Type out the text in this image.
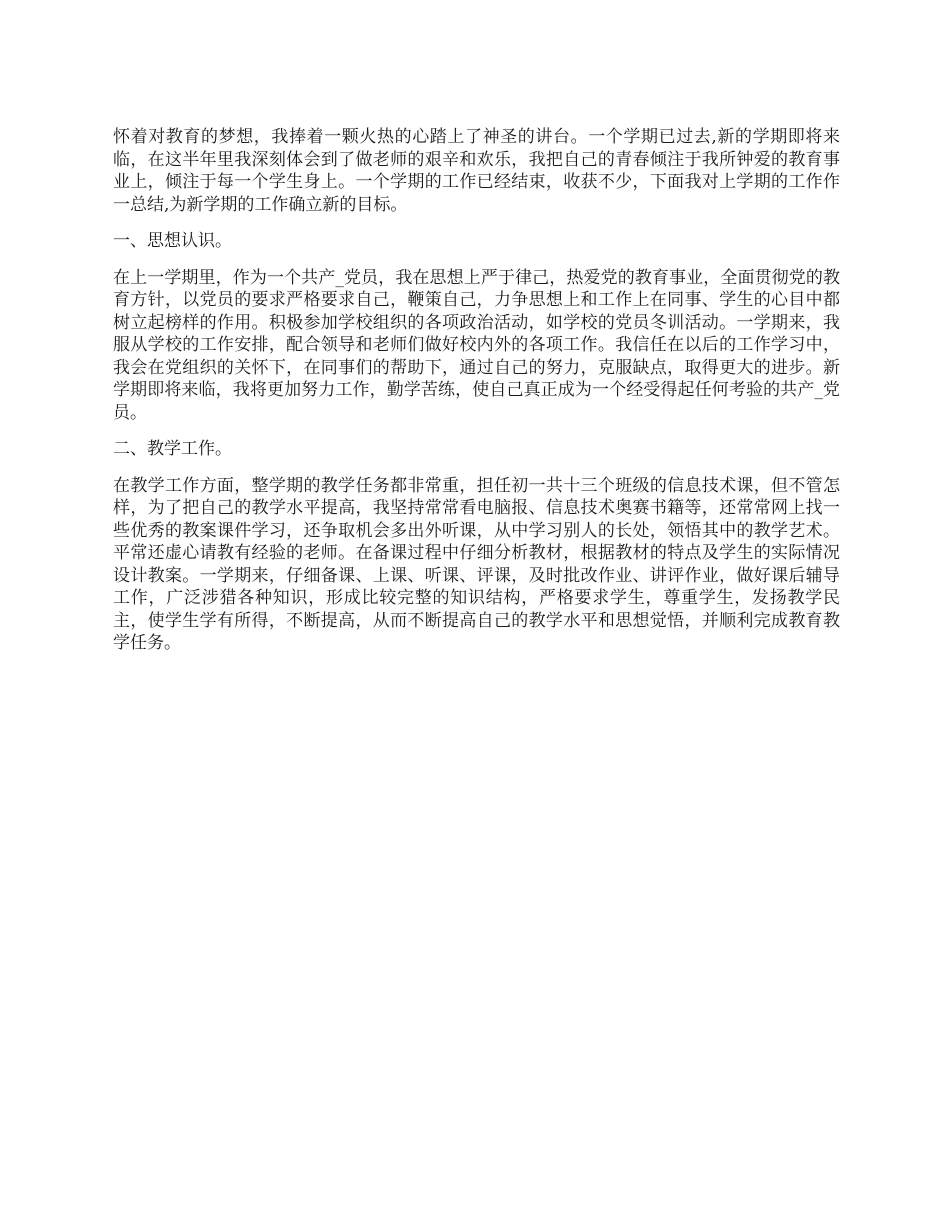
怀着对教育的梦想，我捧着一颗火热的心踏上了神圣的讲台。一个学期已过去,新的学期即将来临，在这半年里我深刻体会到了做老师的艰辛和欢乐，我把自己的青春倾注于我所钟爱的教育事业上，倾注于每一个学生身上。一个学期的工作已经结束，收获不少，下面我对上学期的工作作一总结,为新学期的工作确立新的目标。

一、思想认识。

在上一学期里，作为一个共产_党员，我在思想上严于律己，热爱党的教育事业，全面贯彻党的教育方针，以党员的要求严格要求自己，鞭策自己，力争思想上和工作上在同事、学生的心目中都树立起榜样的作用。积极参加学校组织的各项政治活动，如学校的党员冬训活动。一学期来，我服从学校的工作安排，配合领导和老师们做好校内外的各项工作。我信任在以后的工作学习中，我会在党组织的关怀下，在同事们的帮助下，通过自己的努力，克服缺点，取得更大的进步。新学期即将来临，我将更加努力工作，勤学苦练，使自己真正成为一个经受得起任何考验的共产_党员。

二、教学工作。

在教学工作方面，整学期的教学任务都非常重，担任初一共十三个班级的信息技术课，但不管怎样，为了把自己的教学水平提高，我坚持常常看电脑报、信息技术奥赛书籍等，还常常网上找一些优秀的教案课件学习，还争取机会多出外听课，从中学习别人的长处，领悟其中的教学艺术。平常还虚心请教有经验的老师。在备课过程中仔细分析教材，根据教材的特点及学生的实际情况设计教案。一学期来，仔细备课、上课、听课、评课，及时批改作业、讲评作业，做好课后辅导工作，广泛涉猎各种知识，形成比较完整的知识结构，严格要求学生，尊重学生，发扬教学民主，使学生学有所得，不断提高，从而不断提高自己的教学水平和思想觉悟，并顺利完成教育教学任务。
